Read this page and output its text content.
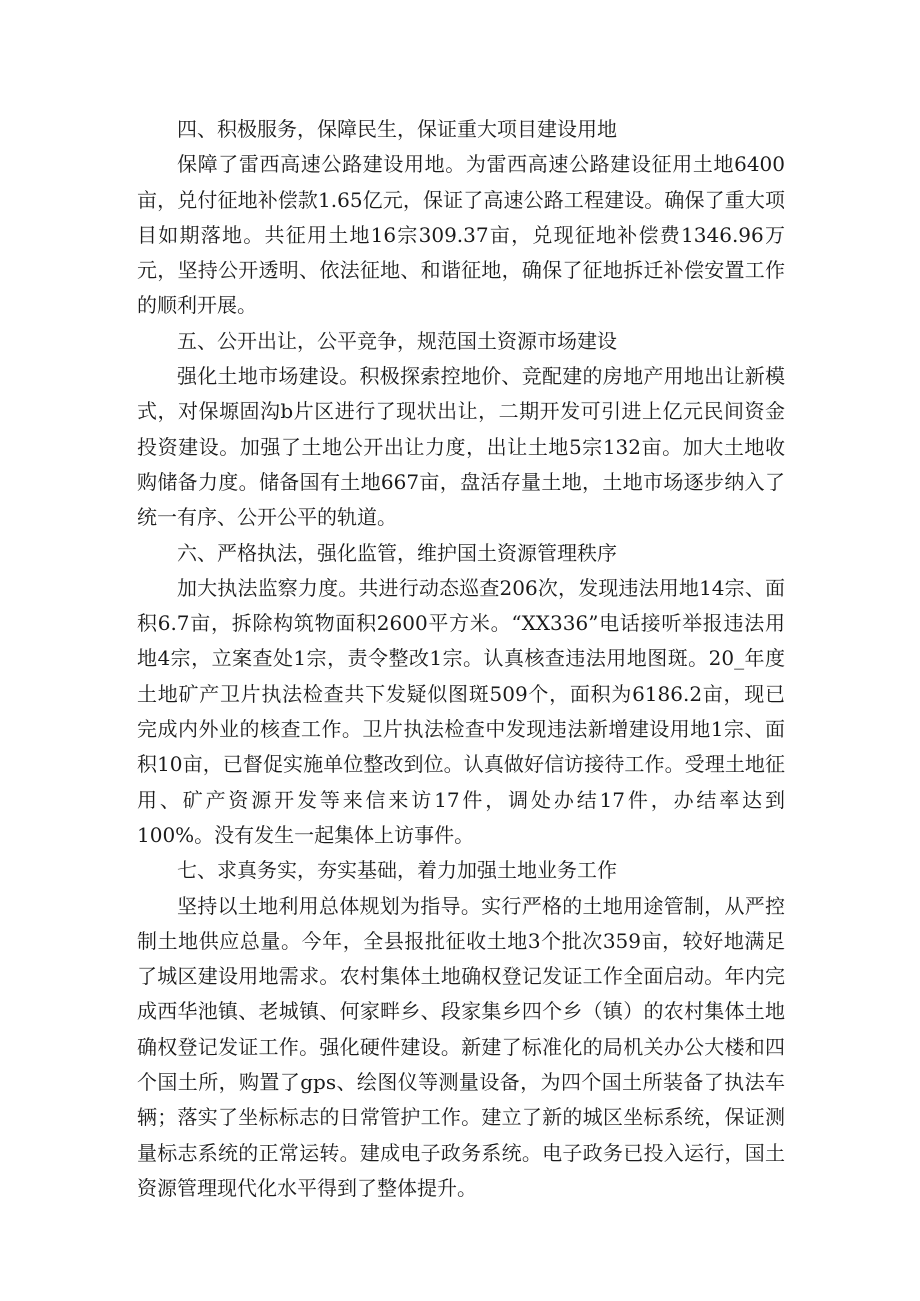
四、积极服务，保障民生，保证重大项目建设用地

保障了雷西高速公路建设用地。为雷西高速公路建设征用土地6400亩，兑付征地补偿款1.65亿元，保证了高速公路工程建设。确保了重大项目如期落地。共征用土地16宗309.37亩，兑现征地补偿费1346.96万元，坚持公开透明、依法征地、和谐征地，确保了征地拆迁补偿安置工作的顺利开展。

五、公开出让，公平竞争，规范国土资源市场建设

强化土地市场建设。积极探索控地价、竞配建的房地产用地出让新模式，对保塬固沟b片区进行了现状出让，二期开发可引进上亿元民间资金投资建设。加强了土地公开出让力度，出让土地5宗132亩。加大土地收购储备力度。储备国有土地667亩，盘活存量土地，土地市场逐步纳入了统一有序、公开公平的轨道。

六、严格执法，强化监管，维护国土资源管理秩序

加大执法监察力度。共进行动态巡查206次，发现违法用地14宗、面积6.7亩，拆除构筑物面积2600平方米。“XX336”电话接听举报违法用地4宗，立案查处1宗，责令整改1宗。认真核查违法用地图斑。20_年度土地矿产卫片执法检查共下发疑似图斑509个，面积为6186.2亩，现已完成内外业的核查工作。卫片执法检查中发现违法新增建设用地1宗、面积10亩，已督促实施单位整改到位。认真做好信访接待工作。受理土地征用、矿产资源开发等来信来访17件，调处办结17件，办结率达到100%。没有发生一起集体上访事件。

七、求真务实，夯实基础，着力加强土地业务工作

坚持以土地利用总体规划为指导。实行严格的土地用途管制，从严控制土地供应总量。今年，全县报批征收土地3个批次359亩，较好地满足了城区建设用地需求。农村集体土地确权登记发证工作全面启动。年内完成西华池镇、老城镇、何家畔乡、段家集乡四个乡（镇）的农村集体土地确权登记发证工作。强化硬件建设。新建了标准化的局机关办公大楼和四个国土所，购置了gps、绘图仪等测量设备，为四个国土所装备了执法车辆；落实了坐标标志的日常管护工作。建立了新的城区坐标系统，保证测量标志系统的正常运转。建成电子政务系统。电子政务已投入运行，国土资源管理现代化水平得到了整体提升。
